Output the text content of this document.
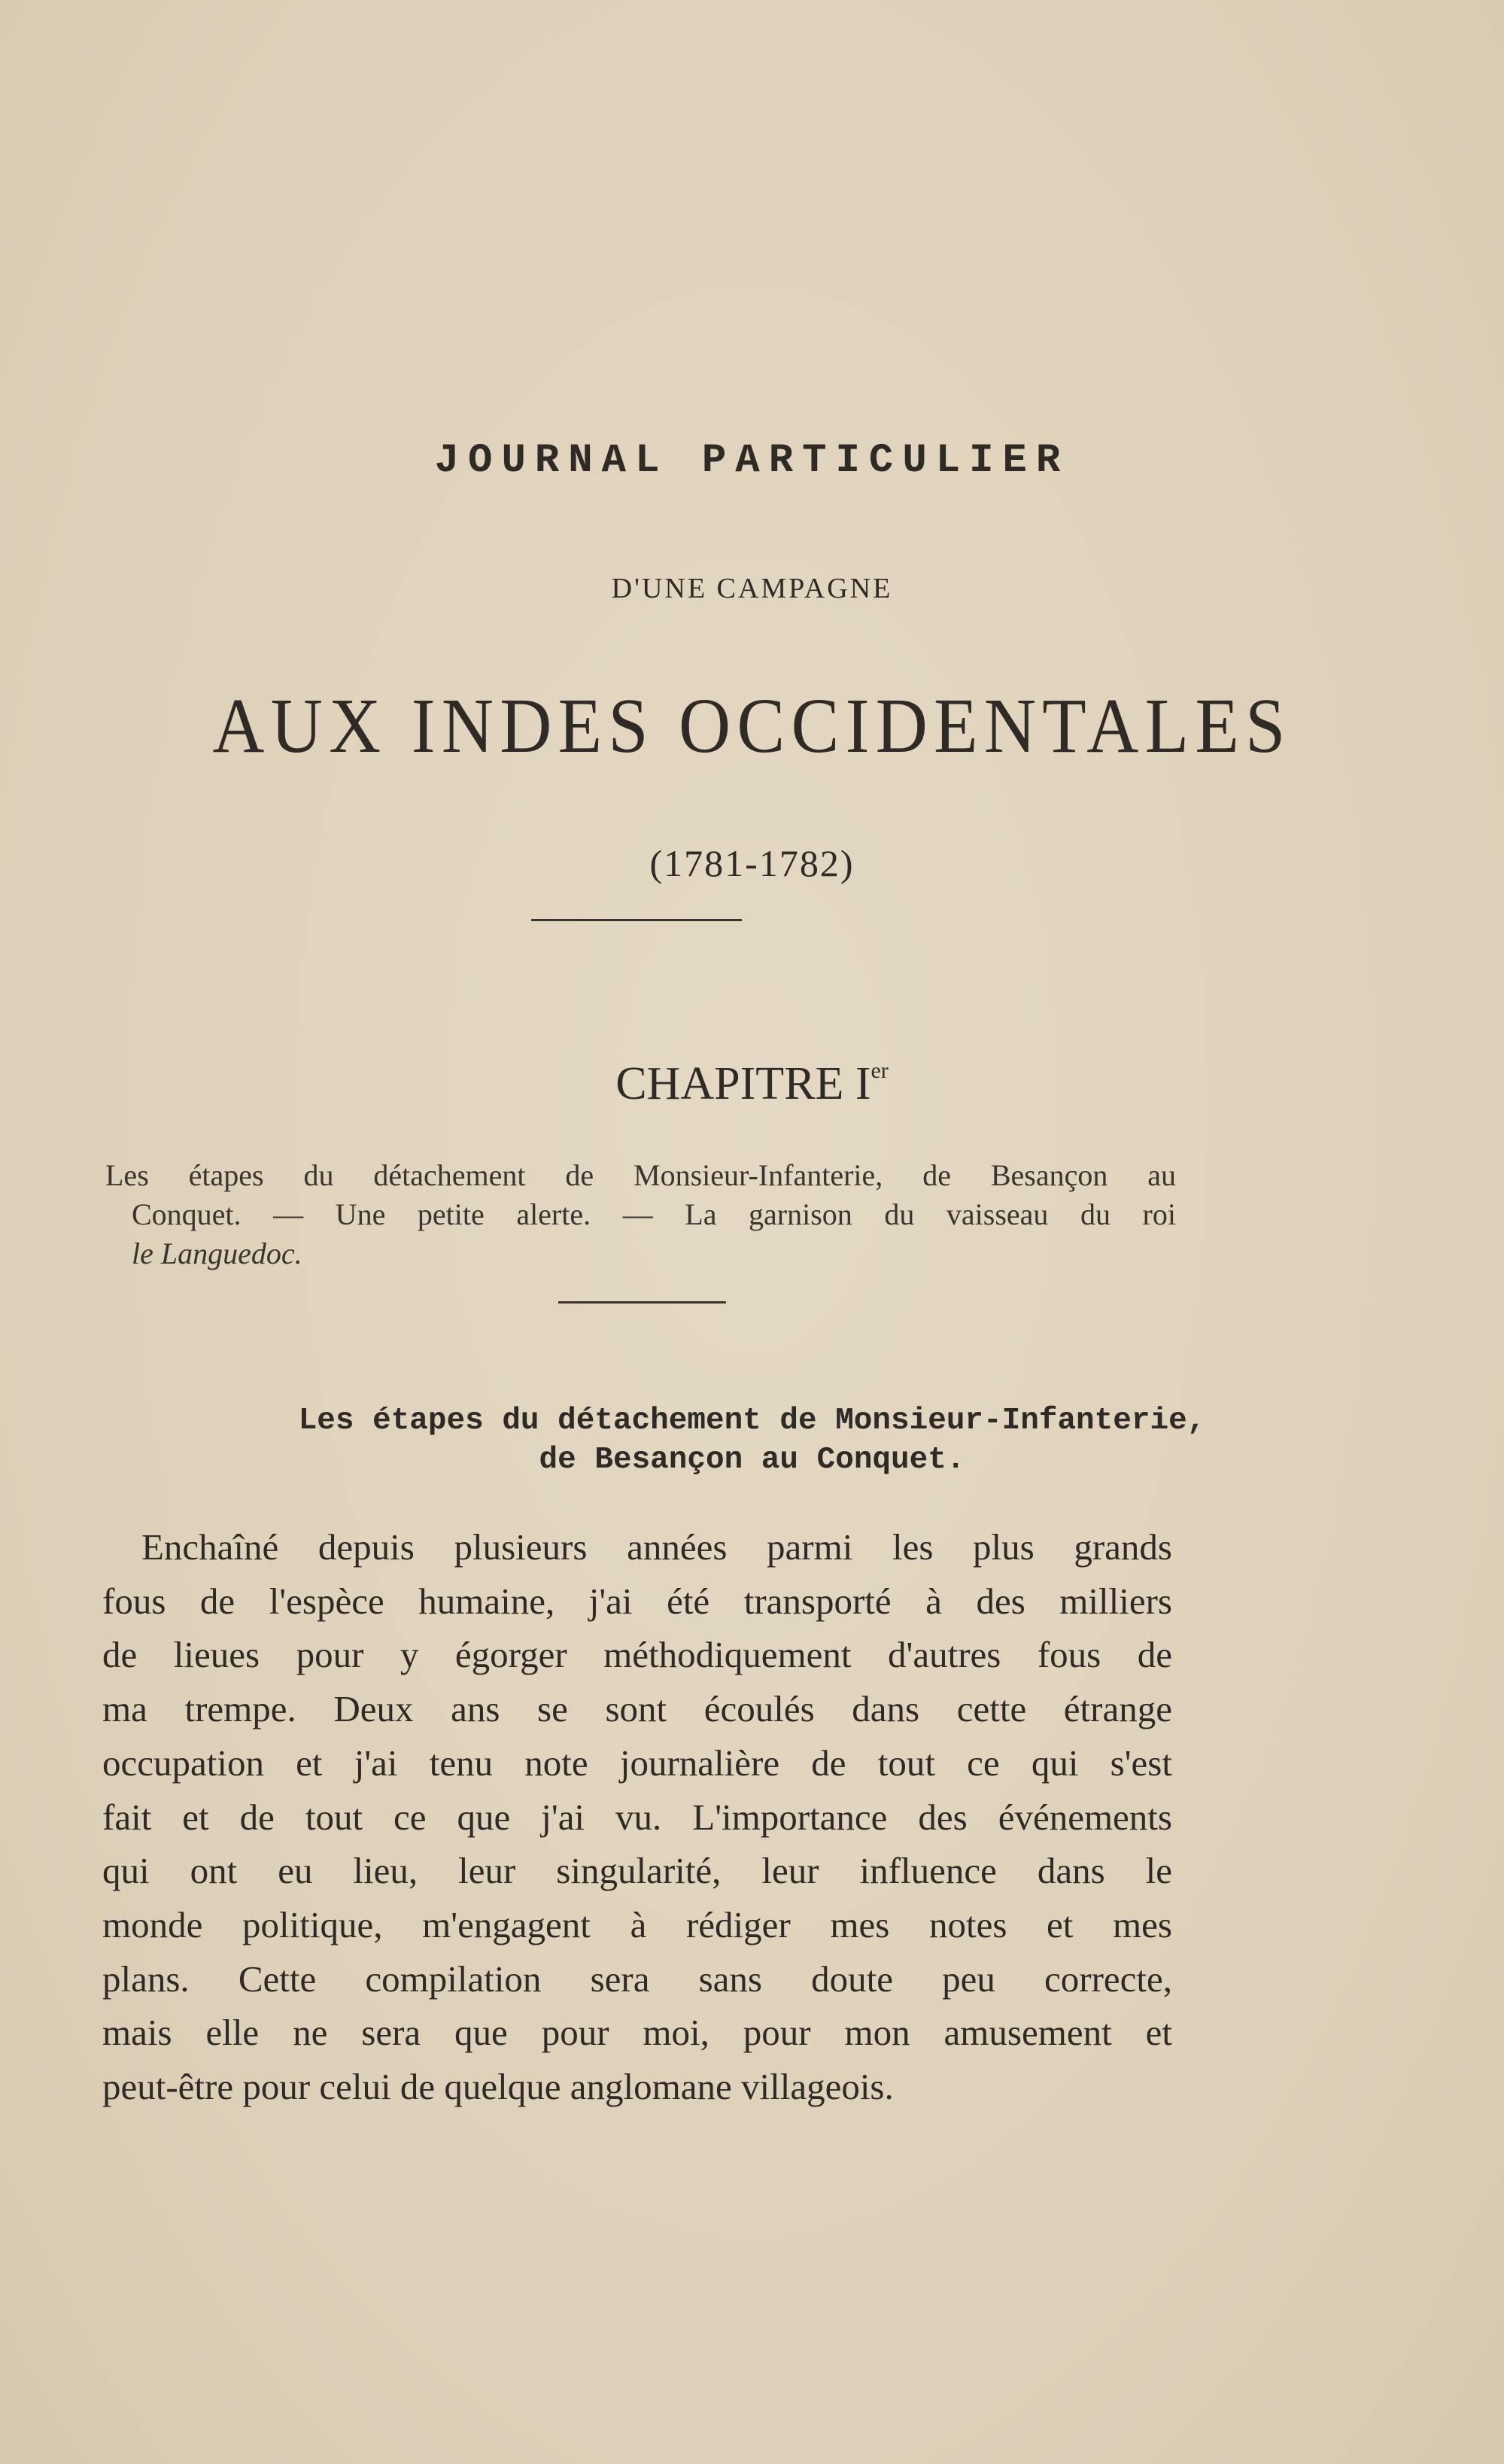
JOURNAL PARTICULIER
D'UNE CAMPAGNE
AUX INDES OCCIDENTALES
(1781-1782)
CHAPITRE Ier
Les étapes du détachement de Monsieur-Infanterie, de Besançon au
Conquet. — Une petite alerte. — La garnison du vaisseau du roi
le Languedoc.
Les étapes du détachement de Monsieur-Infanterie,
de Besançon au Conquet.
Enchaîné depuis plusieurs années parmi les plus grands
fous de l'espèce humaine, j'ai été transporté à des milliers
de lieues pour y égorger méthodiquement d'autres fous de
ma trempe. Deux ans se sont écoulés dans cette étrange
occupation et j'ai tenu note journalière de tout ce qui s'est
fait et de tout ce que j'ai vu. L'importance des événements
qui ont eu lieu, leur singularité, leur influence dans le
monde politique, m'engagent à rédiger mes notes et mes
plans. Cette compilation sera sans doute peu correcte,
mais elle ne sera que pour moi, pour mon amusement et
peut-être pour celui de quelque anglomane villageois.
